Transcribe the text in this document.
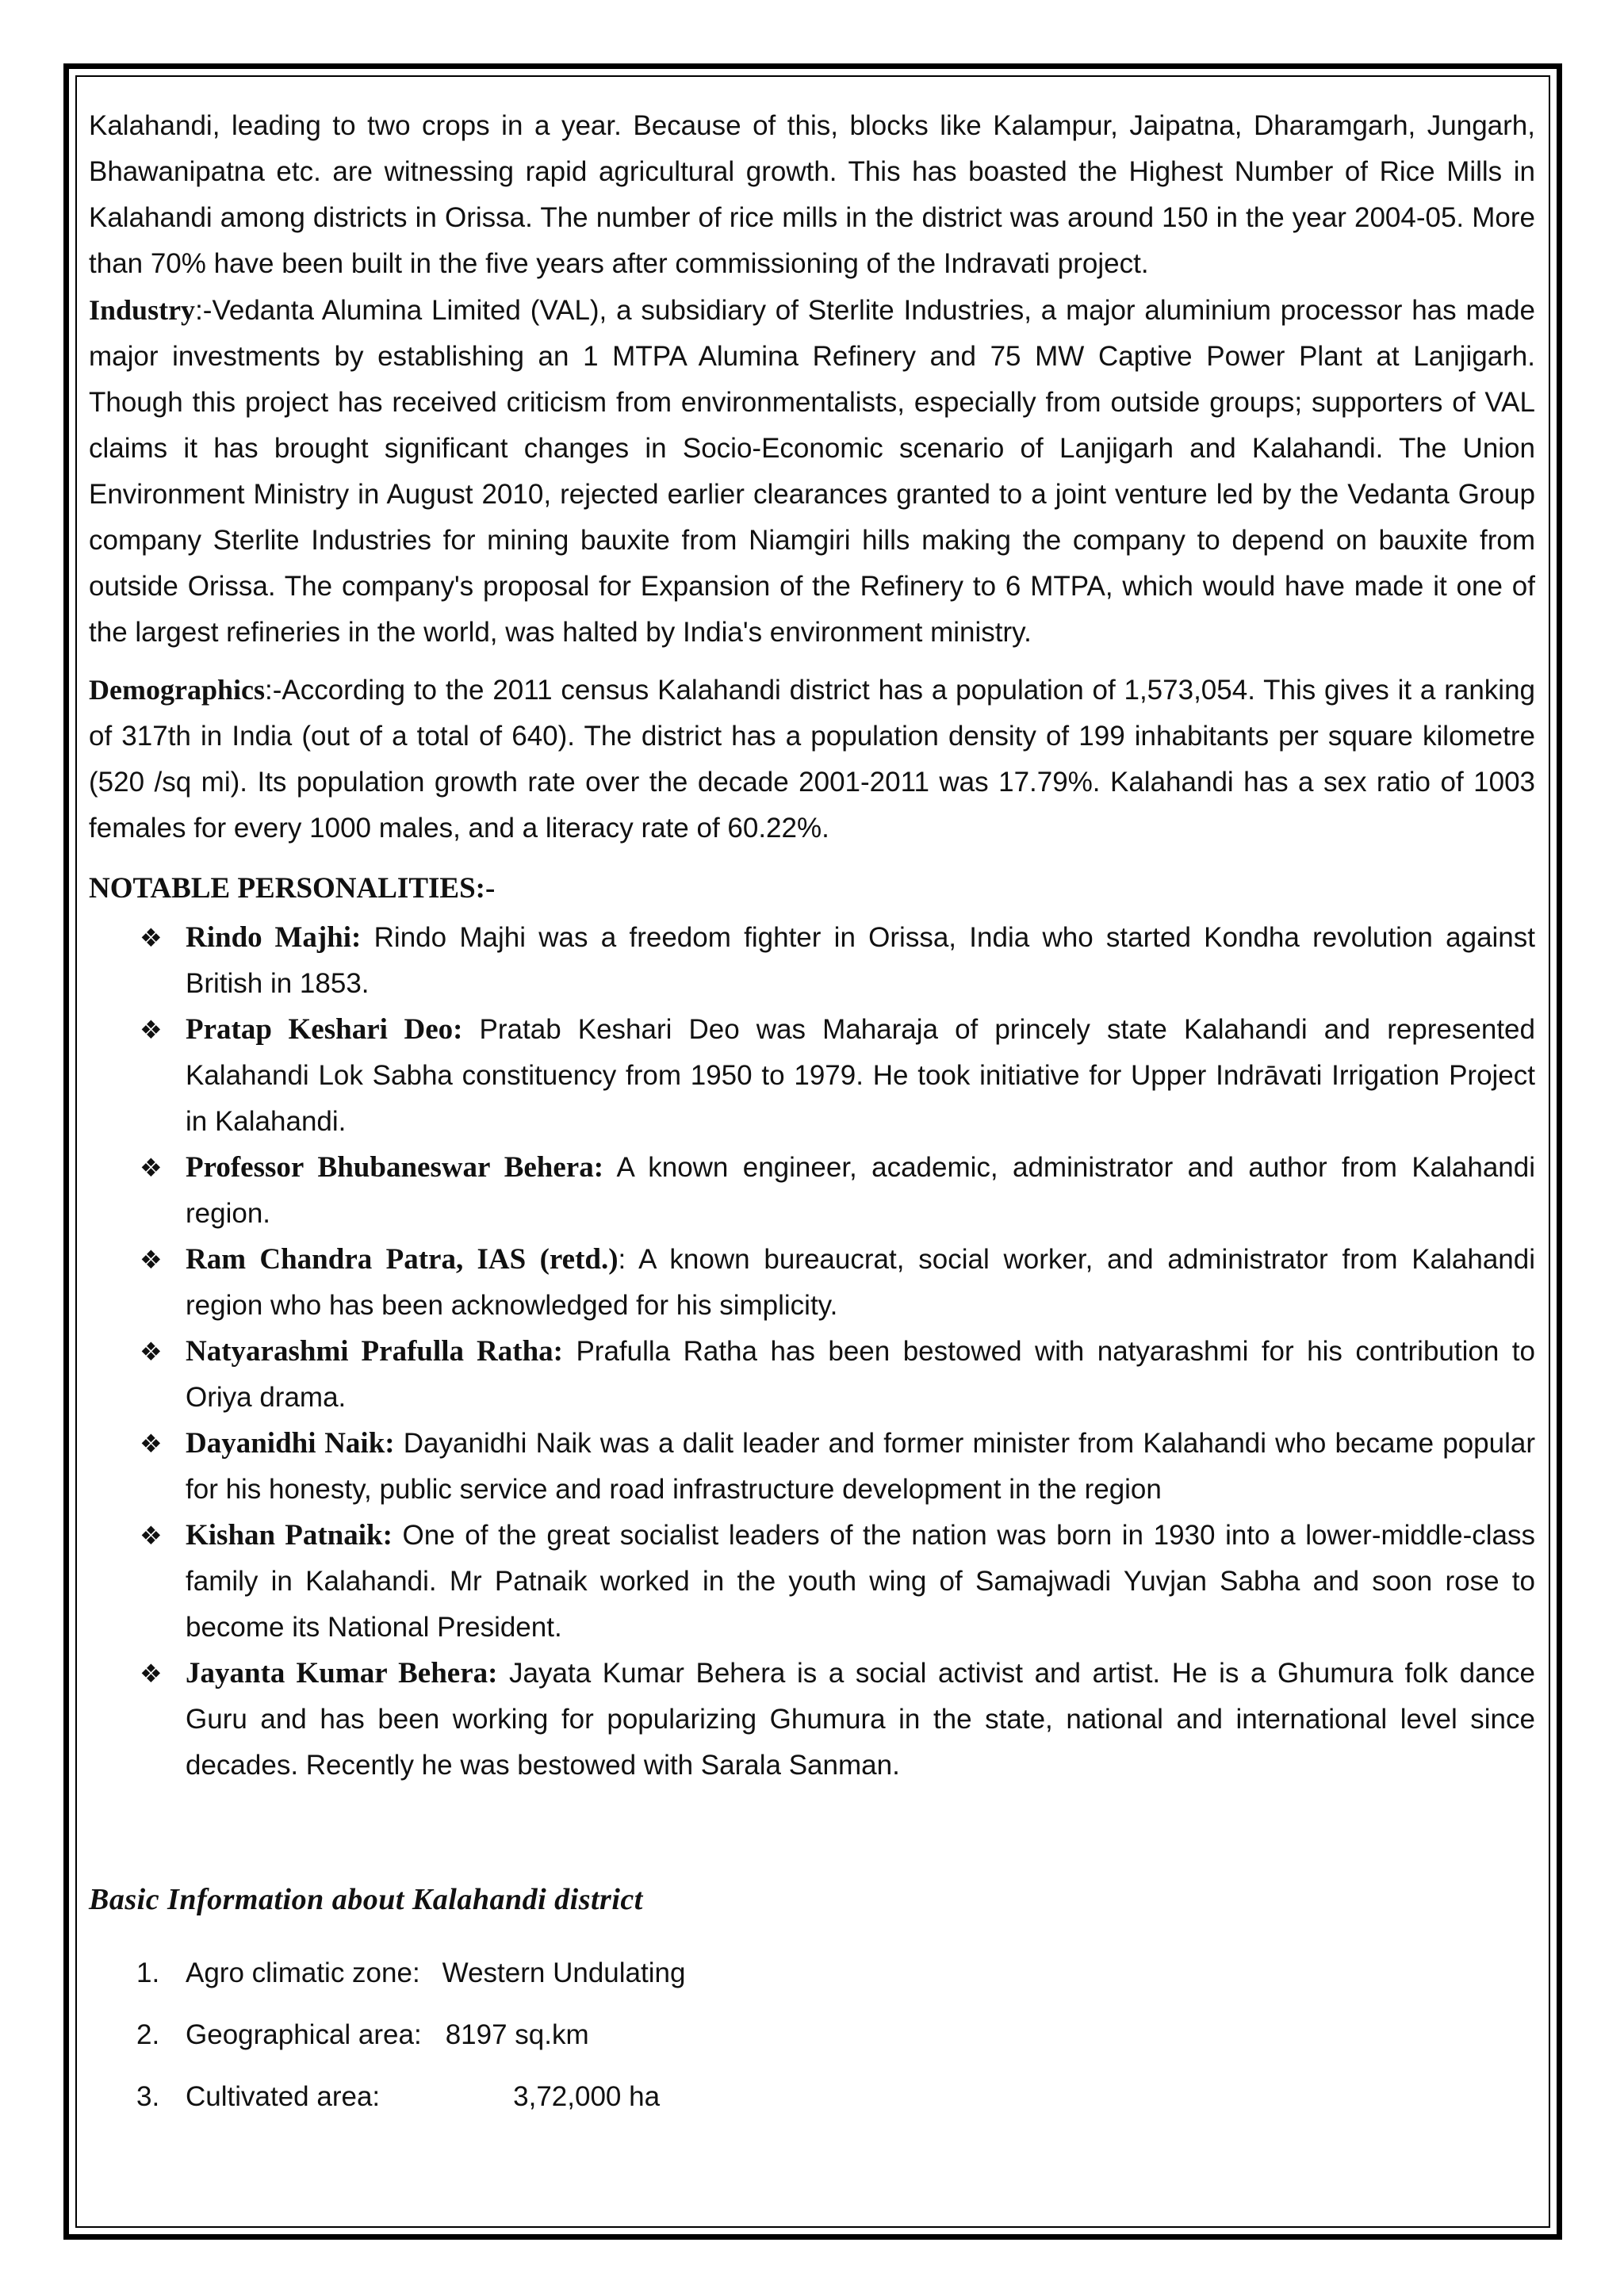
Kalahandi, leading to two crops in a year. Because of this, blocks like Kalampur, Jaipatna, Dharamgarh, Jungarh, Bhawanipatna etc. are witnessing rapid agricultural growth. This has boasted the Highest Number of Rice Mills in Kalahandi among districts in Orissa. The number of rice mills in the district was around 150 in the year 2004-05. More than 70% have been built in the five years after commissioning of the Indravati project.

Industry:-Vedanta Alumina Limited (VAL), a subsidiary of Sterlite Industries, a major aluminium processor has made major investments by establishing an 1 MTPA Alumina Refinery and 75 MW Captive Power Plant at Lanjigarh. Though this project has received criticism from environmentalists, especially from outside groups; supporters of VAL claims it has brought significant changes in Socio-Economic scenario of Lanjigarh and Kalahandi. The Union Environment Ministry in August 2010, rejected earlier clearances granted to a joint venture led by the Vedanta Group company Sterlite Industries for mining bauxite from Niamgiri hills making the company to depend on bauxite from outside Orissa. The company's proposal for Expansion of the Refinery to 6 MTPA, which would have made it one of the largest refineries in the world, was halted by India's environment ministry.

Demographics:-According to the 2011 census Kalahandi district has a population of 1,573,054. This gives it a ranking of 317th in India (out of a total of 640). The district has a population density of 199 inhabitants per square kilometre (520 /sq mi). Its population growth rate over the decade 2001-2011 was 17.79%. Kalahandi has a sex ratio of 1003 females for every 1000 males, and a literacy rate of 60.22%.

NOTABLE PERSONALITIES:-
❖ Rindo Majhi: Rindo Majhi was a freedom fighter in Orissa, India who started Kondha revolution against British in 1853.
❖ Pratap Keshari Deo: Pratab Keshari Deo was Maharaja of princely state Kalahandi and represented Kalahandi Lok Sabha constituency from 1950 to 1979. He took initiative for Upper Indrāvati Irrigation Project in Kalahandi.
❖ Professor Bhubaneswar Behera: A known engineer, academic, administrator and author from Kalahandi region.
❖ Ram Chandra Patra, IAS (retd.): A known bureaucrat, social worker, and administrator from Kalahandi region who has been acknowledged for his simplicity.
❖ Natyarashmi Prafulla Ratha: Prafulla Ratha has been bestowed with natyarashmi for his contribution to Oriya drama.
❖ Dayanidhi Naik: Dayanidhi Naik was a dalit leader and former minister from Kalahandi who became popular for his honesty, public service and road infrastructure development in the region
❖ Kishan Patnaik: One of the great socialist leaders of the nation was born in 1930 into a lower-middle-class family in Kalahandi. Mr Patnaik worked in the youth wing of Samajwadi Yuvjan Sabha and soon rose to become its National President.
❖ Jayanta Kumar Behera: Jayata Kumar Behera is a social activist and artist. He is a Ghumura folk dance Guru and has been working for popularizing Ghumura in the state, national and international level since decades. Recently he was bestowed with Sarala Sanman.
Basic Information about Kalahandi district
1. Agro climatic zone: Western Undulating
2. Geographical area: 8197 sq.km
3. Cultivated area:	3,72,000 ha
